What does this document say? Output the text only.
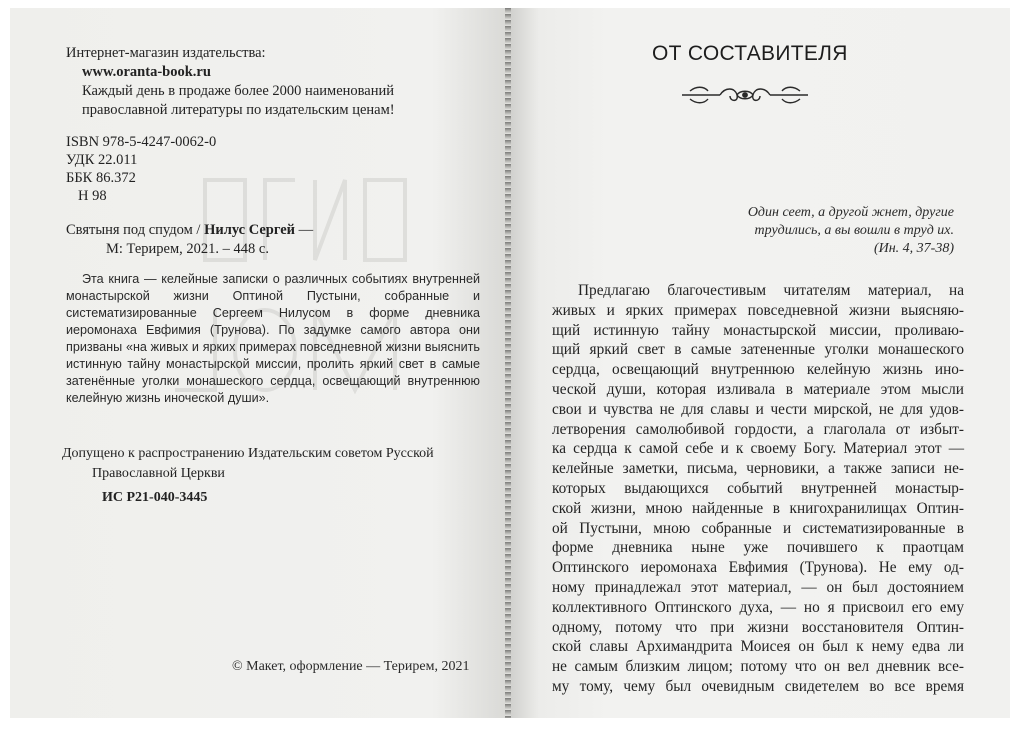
Интернет-магазин издательства:
www.oranta-book.ru
Каждый день в продаже более 2000 наименований
православной литературы по издательским ценам!
ISBN 978-5-4247-0062-0
УДК 22.011
ББК 86.372
Н 98
Святыня под спудом / Нилус Сергей —
М: Терирем, 2021. – 448 с.

Эта книга — келейные записки о различных событиях внутренней монастырской жизни Оптиной Пустыни, собранные и систематизированные Сергеем Нилусом в форме дневника иеромонаха Евфимия (Трунова). По задумке самого автора они призваны «на живых и ярких примерах повседневной жизни выяснить истинную тайну монастырской миссии, пролить яркий свет в самые затенённые уголки монашеского сердца, освещающий внутреннюю келейную жизнь иноческой души».

Допущено к распространению Издательским советом Русской
Православной Церкви
ИС Р21-040-3445
© Макет, оформление — Терирем, 2021
ОТ СОСТАВИТЕЛЯ
Один сеет, а другой жнет, другие
трудились, а вы вошли в труд их.
(Ин. 4, 37-38)
Предлагаю благочестивым читателям материал, на
живых и ярких примерах повседневной жизни выясняю-
щий истинную тайну монастырской миссии, проливаю-
щий яркий свет в самые затененные уголки монашеского
сердца, освещающий внутреннюю келейную жизнь ино-
ческой души, которая изливала в материале этом мысли
свои и чувства не для славы и чести мирской, не для удов-
летворения самолюбивой гордости, а глаголала от избыт-
ка сердца к самой себе и к своему Богу. Материал этот —
келейные заметки, письма, черновики, а также записи не-
которых выдающихся событий внутренней монастыр-
ской жизни, мною найденные в книгохранилищах Оптин-
ой Пустыни, мною собранные и систематизированные в
форме дневника ныне уже почившего к праотцам
Оптинского иеромонаха Евфимия (Трунова). Не ему од-
ному принадлежал этот материал, — он был достоянием
коллективного Оптинского духа, — но я присвоил его ему
одному, потому что при жизни восстановителя Оптин-
ской славы Архимандрита Моисея он был к нему едва ли
не самым близким лицом; потому что он вел дневник все-
му тому, чему был очевидным свидетелем во все время
